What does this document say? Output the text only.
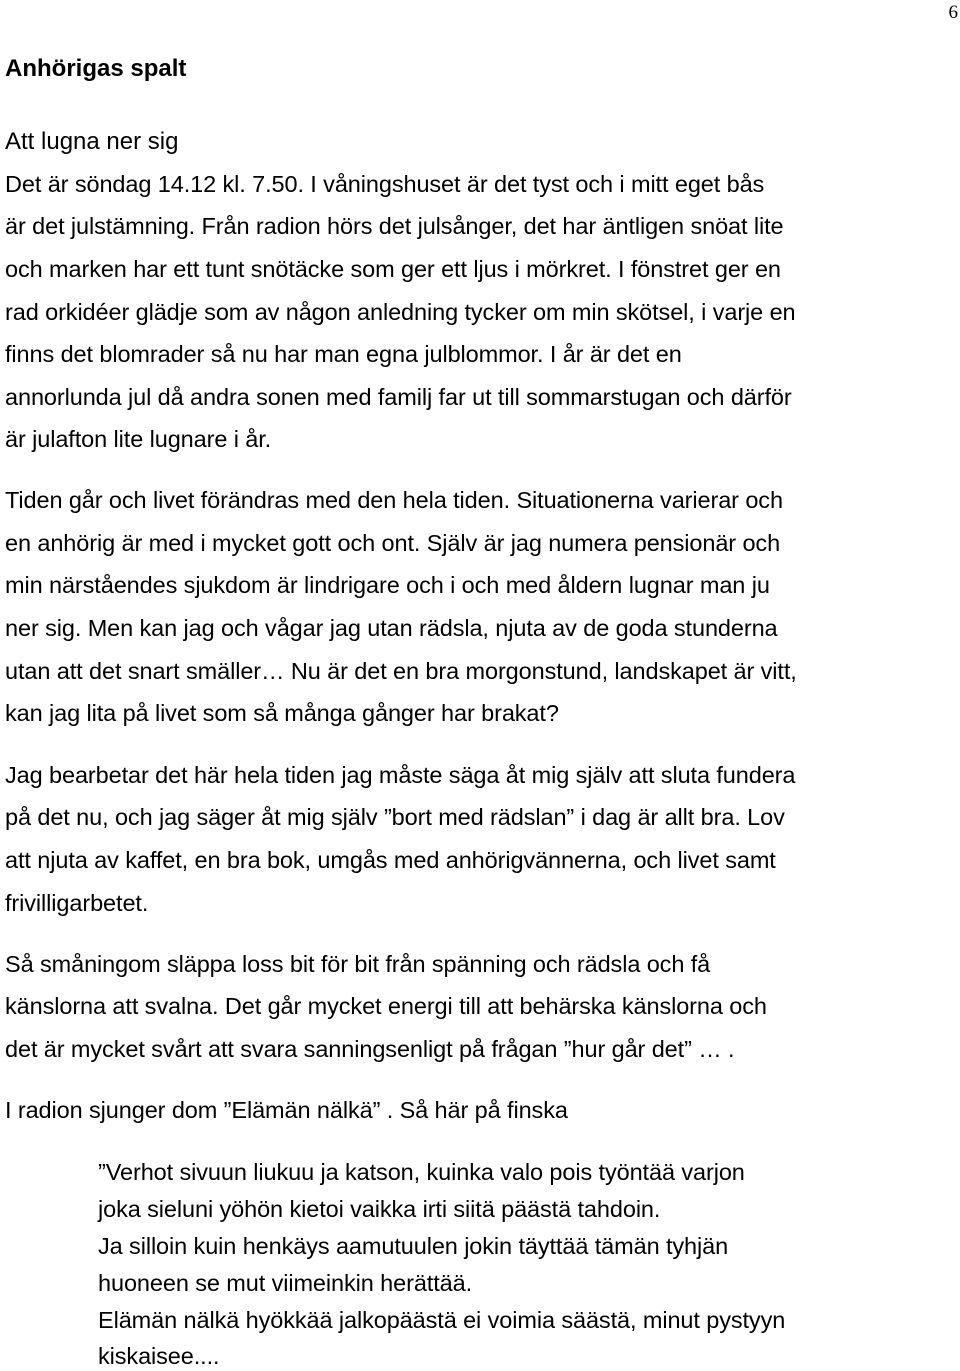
6
Anhörigas spalt
Att lugna ner sig
Det är söndag 14.12 kl. 7.50. I våningshuset är det tyst och i mitt eget bås
är det julstämning. Från radion hörs det julsånger, det har äntligen snöat lite
och marken har ett tunt snötäcke som ger ett ljus i mörkret. I fönstret ger en
rad orkidéer glädje som av någon anledning tycker om min skötsel, i varje en
finns det blomrader så nu har man egna julblommor. I år är det en
annorlunda jul då andra sonen med familj far ut till sommarstugan och därför
är julafton lite lugnare i år.
Tiden går och livet förändras med den hela tiden. Situationerna varierar och
en anhörig är med i mycket gott och ont. Själv är jag numera pensionär och
min närståendes sjukdom är lindrigare och i och med åldern lugnar man ju
ner sig. Men kan jag och vågar jag utan rädsla, njuta av de goda stunderna
utan att det snart smäller… Nu är det en bra morgonstund, landskapet är vitt,
kan jag lita på livet som så många gånger har brakat?
Jag bearbetar det här hela tiden jag måste säga åt mig själv att sluta fundera
på det nu, och jag säger åt mig själv ”bort med rädslan” i dag är allt bra. Lov
att njuta av kaffet, en bra bok, umgås med anhörigvännerna, och livet samt
frivilligarbetet.
Så småningom släppa loss bit för bit från spänning och rädsla och få
känslorna att svalna. Det går mycket energi till att behärska känslorna och
det är mycket svårt att svara sanningsenligt på frågan ”hur går det” … .
I radion sjunger dom ”Elämän nälkä” . Så här på finska
”Verhot sivuun liukuu ja katson, kuinka valo pois työntää varjon
joka sieluni yöhön kietoi vaikka irti siitä päästä tahdoin.
Ja silloin kuin henkäys aamutuulen jokin täyttää tämän tyhjän
huoneen se mut viimeinkin herättää.
Elämän nälkä hyökkää jalkopäästä ei voimia säästä, minut pystyyn
kiskaisee....
